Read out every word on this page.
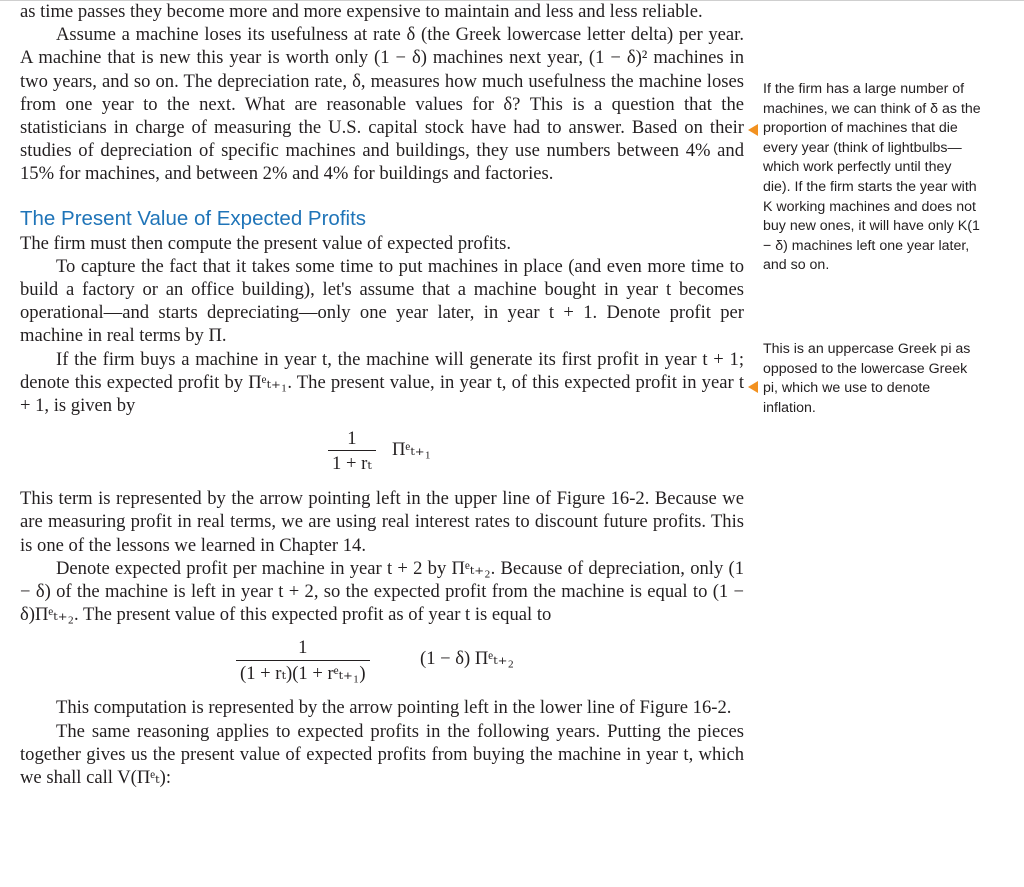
as time passes they become more and more expensive to maintain and less and less reliable.

Assume a machine loses its usefulness at rate δ (the Greek lowercase letter delta) per year. A machine that is new this year is worth only (1 − δ) machines next year, (1 − δ)² machines in two years, and so on. The depreciation rate, δ, measures how much usefulness the machine loses from one year to the next. What are reasonable values for δ? This is a question that the statisticians in charge of measuring the U.S. capital stock have had to answer. Based on their studies of depreciation of specific machines and buildings, they use numbers between 4% and 15% for machines, and between 2% and 4% for buildings and factories.

The Present Value of Expected Profits

The firm must then compute the present value of expected profits.

To capture the fact that it takes some time to put machines in place (and even more time to build a factory or an office building), let's assume that a machine bought in year t becomes operational—and starts depreciating—only one year later, in year t + 1. Denote profit per machine in real terms by Π.

If the firm buys a machine in year t, the machine will generate its first profit in year t + 1; denote this expected profit by Πᵉₜ₊₁. The present value, in year t, of this expected profit in year t + 1, is given by

$\frac{1}{\text{1 + rₜ}}$ Πᵉₜ₊₁

This term is represented by the arrow pointing left in the upper line of Figure 16-2. Because we are measuring profit in real terms, we are using real interest rates to discount future profits. This is one of the lessons we learned in Chapter 14.

Denote expected profit per machine in year t + 2 by Πᵉₜ₊₂. Because of depreciation, only (1 − δ) of the machine is left in year t + 2, so the expected profit from the machine is equal to (1 − δ)Πᵉₜ₊₂. The present value of this expected profit as of year t is equal to

1
(1 + rₜ)(1 + rᵉₜ₊₁)
(1 − δ) Πᵉₜ₊₂

This computation is represented by the arrow pointing left in the lower line of Figure 16-2.

The same reasoning applies to expected profits in the following years. Putting the pieces together gives us the present value of expected profits from buying the machine in year t, which we shall call V(Πᵉₜ):

If the firm has a large number of machines, we can think of δ as the proportion of machines that die every year (think of lightbulbs—which work perfectly until they die). If the firm starts the year with K working machines and does not buy new ones, it will have only K(1 − δ) machines left one year later, and so on.

This is an uppercase Greek pi as opposed to the lowercase Greek pi, which we use to denote inflation.
